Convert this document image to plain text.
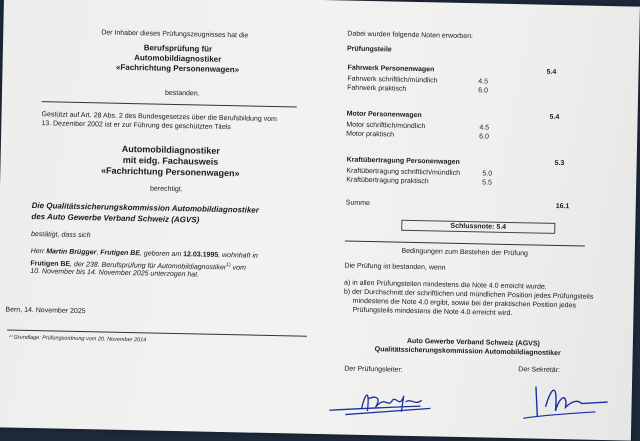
Der Inhaber dieses Prüfungszeugnisses hat die
Berufsprüfung für
Automobildiagnostiker
«Fachrichtung Personenwagen»
bestanden.
Gestützt auf Art. 28 Abs. 2 des Bundesgesetzes über die Berufsbildung vom
13. Dezember 2002 ist er zur Führung des geschützten Titels
Automobildiagnostiker
mit eidg. Fachausweis
«Fachrichtung Personenwagen»
berechtigt.
Die Qualitätssicherungskommission Automobildiagnostiker
des Auto Gewerbe Verband Schweiz (AGVS)
bestätigt, dass sich
Herr Martin Brügger, Frutigen BE, geboren am 12.03.1995, wohnhaft in
Frutigen BE, der 238. Berufsprüfung für Automobildiagnostiker$^{1)}$ vom
10. November bis 14. November 2025 unterzogen hat.
Bern, 14. November 2025
¹⁾ Grundlage: Prüfungsordnung vom 20. November 2014
Dabei wurden folgende Noten erworben:
Prüfungsteile
Fahrwerk Personenwagen	5.4
Fahrwerk schriftlich/mündlich	4.5
Fahrwerk praktisch	6.0
Motor Personenwagen	5.4
Motor schriftlich/mündlich	4.5
Motor praktisch	6.0
Kraftübertragung Personenwagen	5.3
Kraftübertragung schriftlich/mündlich	5.0
Kraftübertragung praktisch	5.5
Summe	16.1
Schlussnote: 5.4
Bedingungen zum Bestehen der Prüfung
Die Prüfung ist bestanden, wenn
a) in allen Prüfungsteilen mindestens die Note 4.0 erreicht wurde.
b) der Durchschnitt der schriftlichen und mündlichen Position jedes Prüfungsteils
mindestens die Note 4.0 ergibt, sowie bei der praktischen Position jedes
Prüfungsteils mindestens die Note 4.0 erreicht wird.
Auto Gewerbe Verband Schweiz (AGVS)
Qualitätssicherungskommission Automobildiagnostiker
Der Prüfungsleiter:	Der Sekretär:
